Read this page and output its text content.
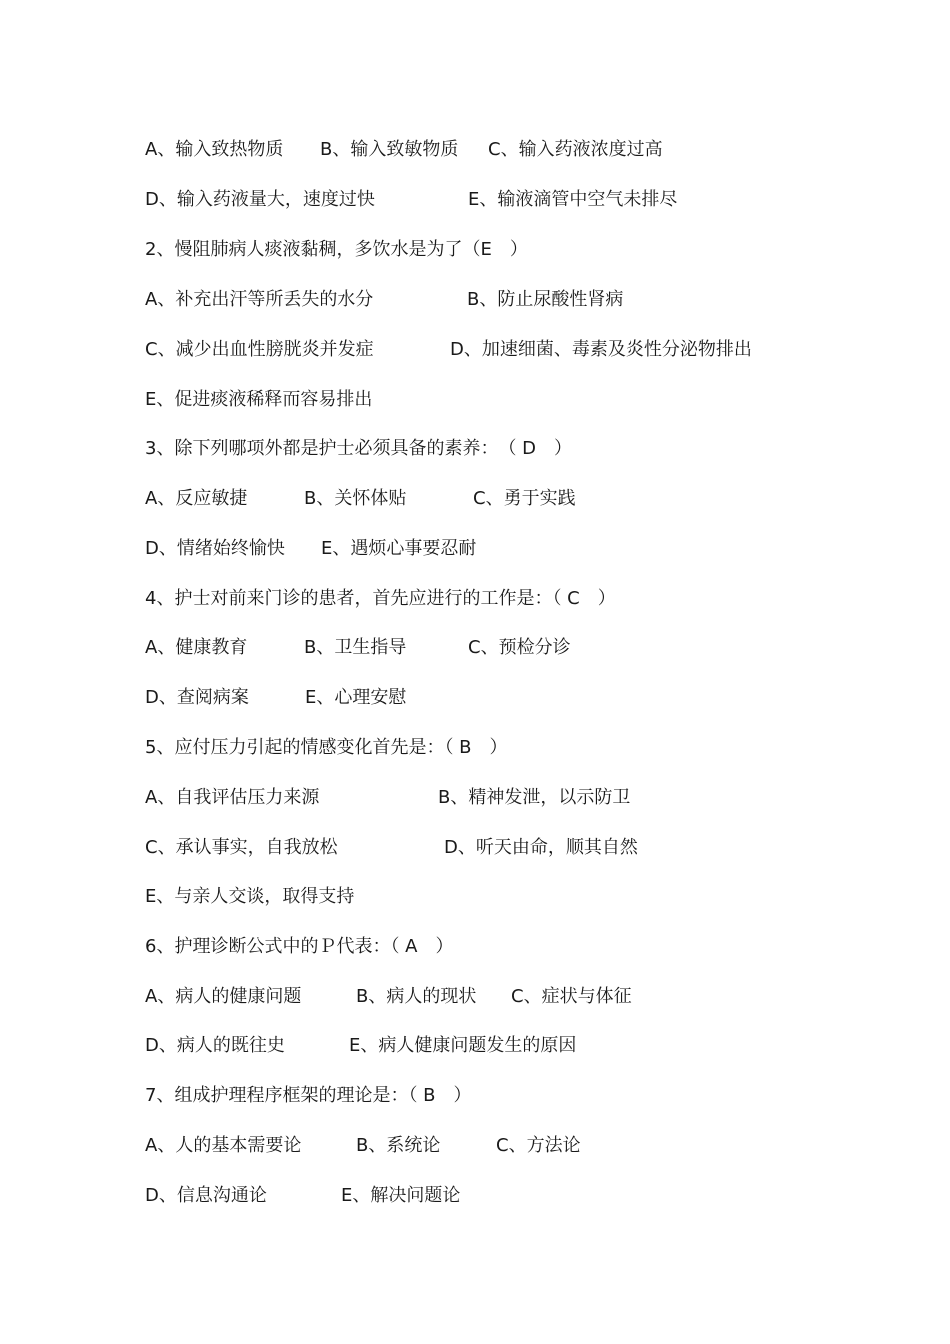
A、输入致热物质 B、输入致敏物质 C、输入药液浓度过高
D、输入药液量大，速度过快	E、输液滴管中空气未排尽
2、慢阻肺病人痰液黏稠，多饮水是为了（E　）
A、补充出汗等所丢失的水分	B、防止尿酸性肾病
C、减少出血性膀胱炎并发症	D、加速细菌、毒素及炎性分泌物排出
E、促进痰液稀释而容易排出
3、除下列哪项外都是护士必须具备的素养：　（ D　）
A、反应敏捷	B、关怀体贴	C、勇于实践
D、情绪始终愉快 E、遇烦心事要忍耐
4、护士对前来门诊的患者，首先应进行的工作是：（ C　）
A、健康教育	B、卫生指导	C、预检分诊
D、查阅病案	E、心理安慰
5、应付压力引起的情感变化首先是：（ B　）
A、自我评估压力来源	B、精神发泄，以示防卫
C、承认事实，自我放松	D、听天由命，顺其自然
E、与亲人交谈，取得支持
6、护理诊断公式中的Ｐ代表：（ A　）
A、病人的健康问题	B、病人的现状 C、症状与体征
D、病人的既往史	E、病人健康问题发生的原因
7、组成护理程序框架的理论是：（ B　）
A、人的基本需要论	B、系统论	C、方法论
D、信息沟通论	E、解决问题论
